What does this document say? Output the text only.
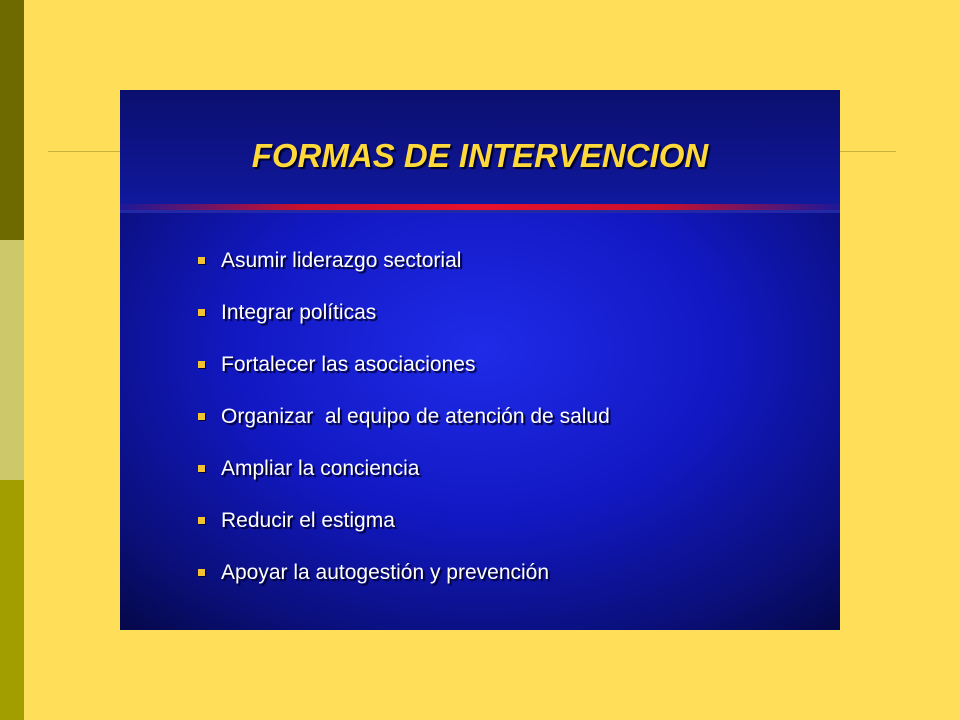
FORMAS DE INTERVENCION
Asumir liderazgo sectorial
Integrar políticas
Fortalecer las asociaciones
Organizar  al equipo de atención de salud
Ampliar la conciencia
Reducir el estigma
Apoyar la autogestión y prevención
